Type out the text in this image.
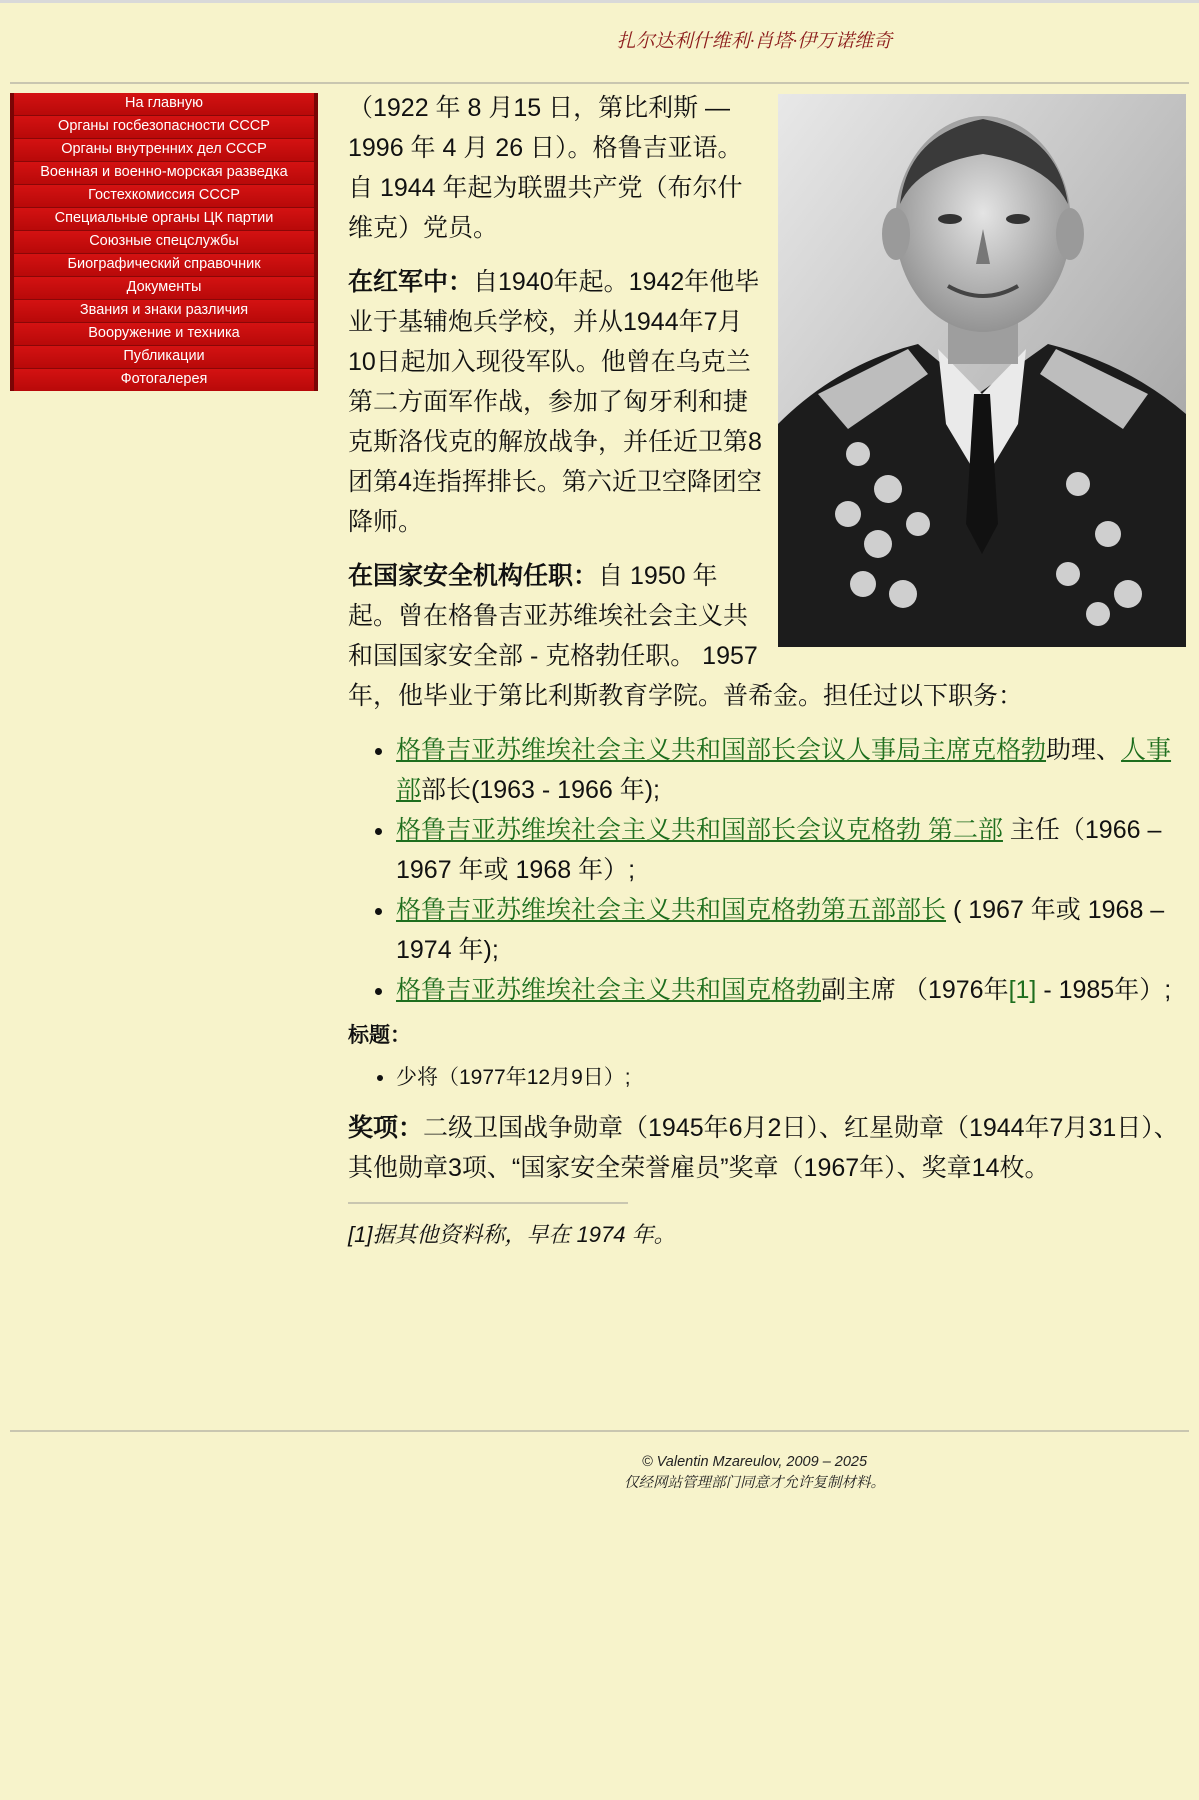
扎尔达利什维利·肖塔·伊万诺维奇
На главную
Органы госбезопасности СССР
Органы внутренних дел СССР
Военная и военно-морская разведка
Гостехкомиссия СССР
Специальные органы ЦК партии
Союзные спецслужбы
Биографический справочник
Документы
Звания и знаки различия
Вооружение и техника
Публикации
Фотогалерея

（1922 年 8 月15 日，第比利斯 — 1996 年 4 月 26 日）。格鲁吉亚语。自 1944 年起为联盟共产党（布尔什维克）党员。

在红军中：自1940年起。1942年他毕业于基辅炮兵学校，并从1944年7月10日起加入现役军队。他曾在乌克兰第二方面军作战，参加了匈牙利和捷克斯洛伐克的解放战争，并任近卫第8团第4连指挥排长。第六近卫空降团空降师。

在国家安全机构任职：自 1950 年起。曾在格鲁吉亚苏维埃社会主义共和国国家安全部 - 克格勃任职。 1957年，他毕业于第比利斯教育学院。普希金。担任过以下职务：

• 格鲁吉亚苏维埃社会主义共和国部长会议人事局主席克格勃助理、人事部部长(1963 - 1966 年);
• 格鲁吉亚苏维埃社会主义共和国部长会议克格勃 第二部 主任（1966 – 1967 年或 1968 年）;
• 格鲁吉亚苏维埃社会主义共和国克格勃第五部部长 ( 1967 年或 1968 – 1974 年);
• 格鲁吉亚苏维埃社会主义共和国克格勃副主席 （1976年[1] - 1985年）;
标题：
• 少将（1977年12月9日）;

奖项：二级卫国战争勋章（1945年6月2日）、红星勋章（1944年7月31日）、其他勋章3项、“国家安全荣誉雇员”奖章（1967年）、奖章14枚。

[1]据其他资料称，早在 1974 年。
© Valentin Mzareulov, 2009 – 2025
仅经网站管理部门同意才允许复制材料。
